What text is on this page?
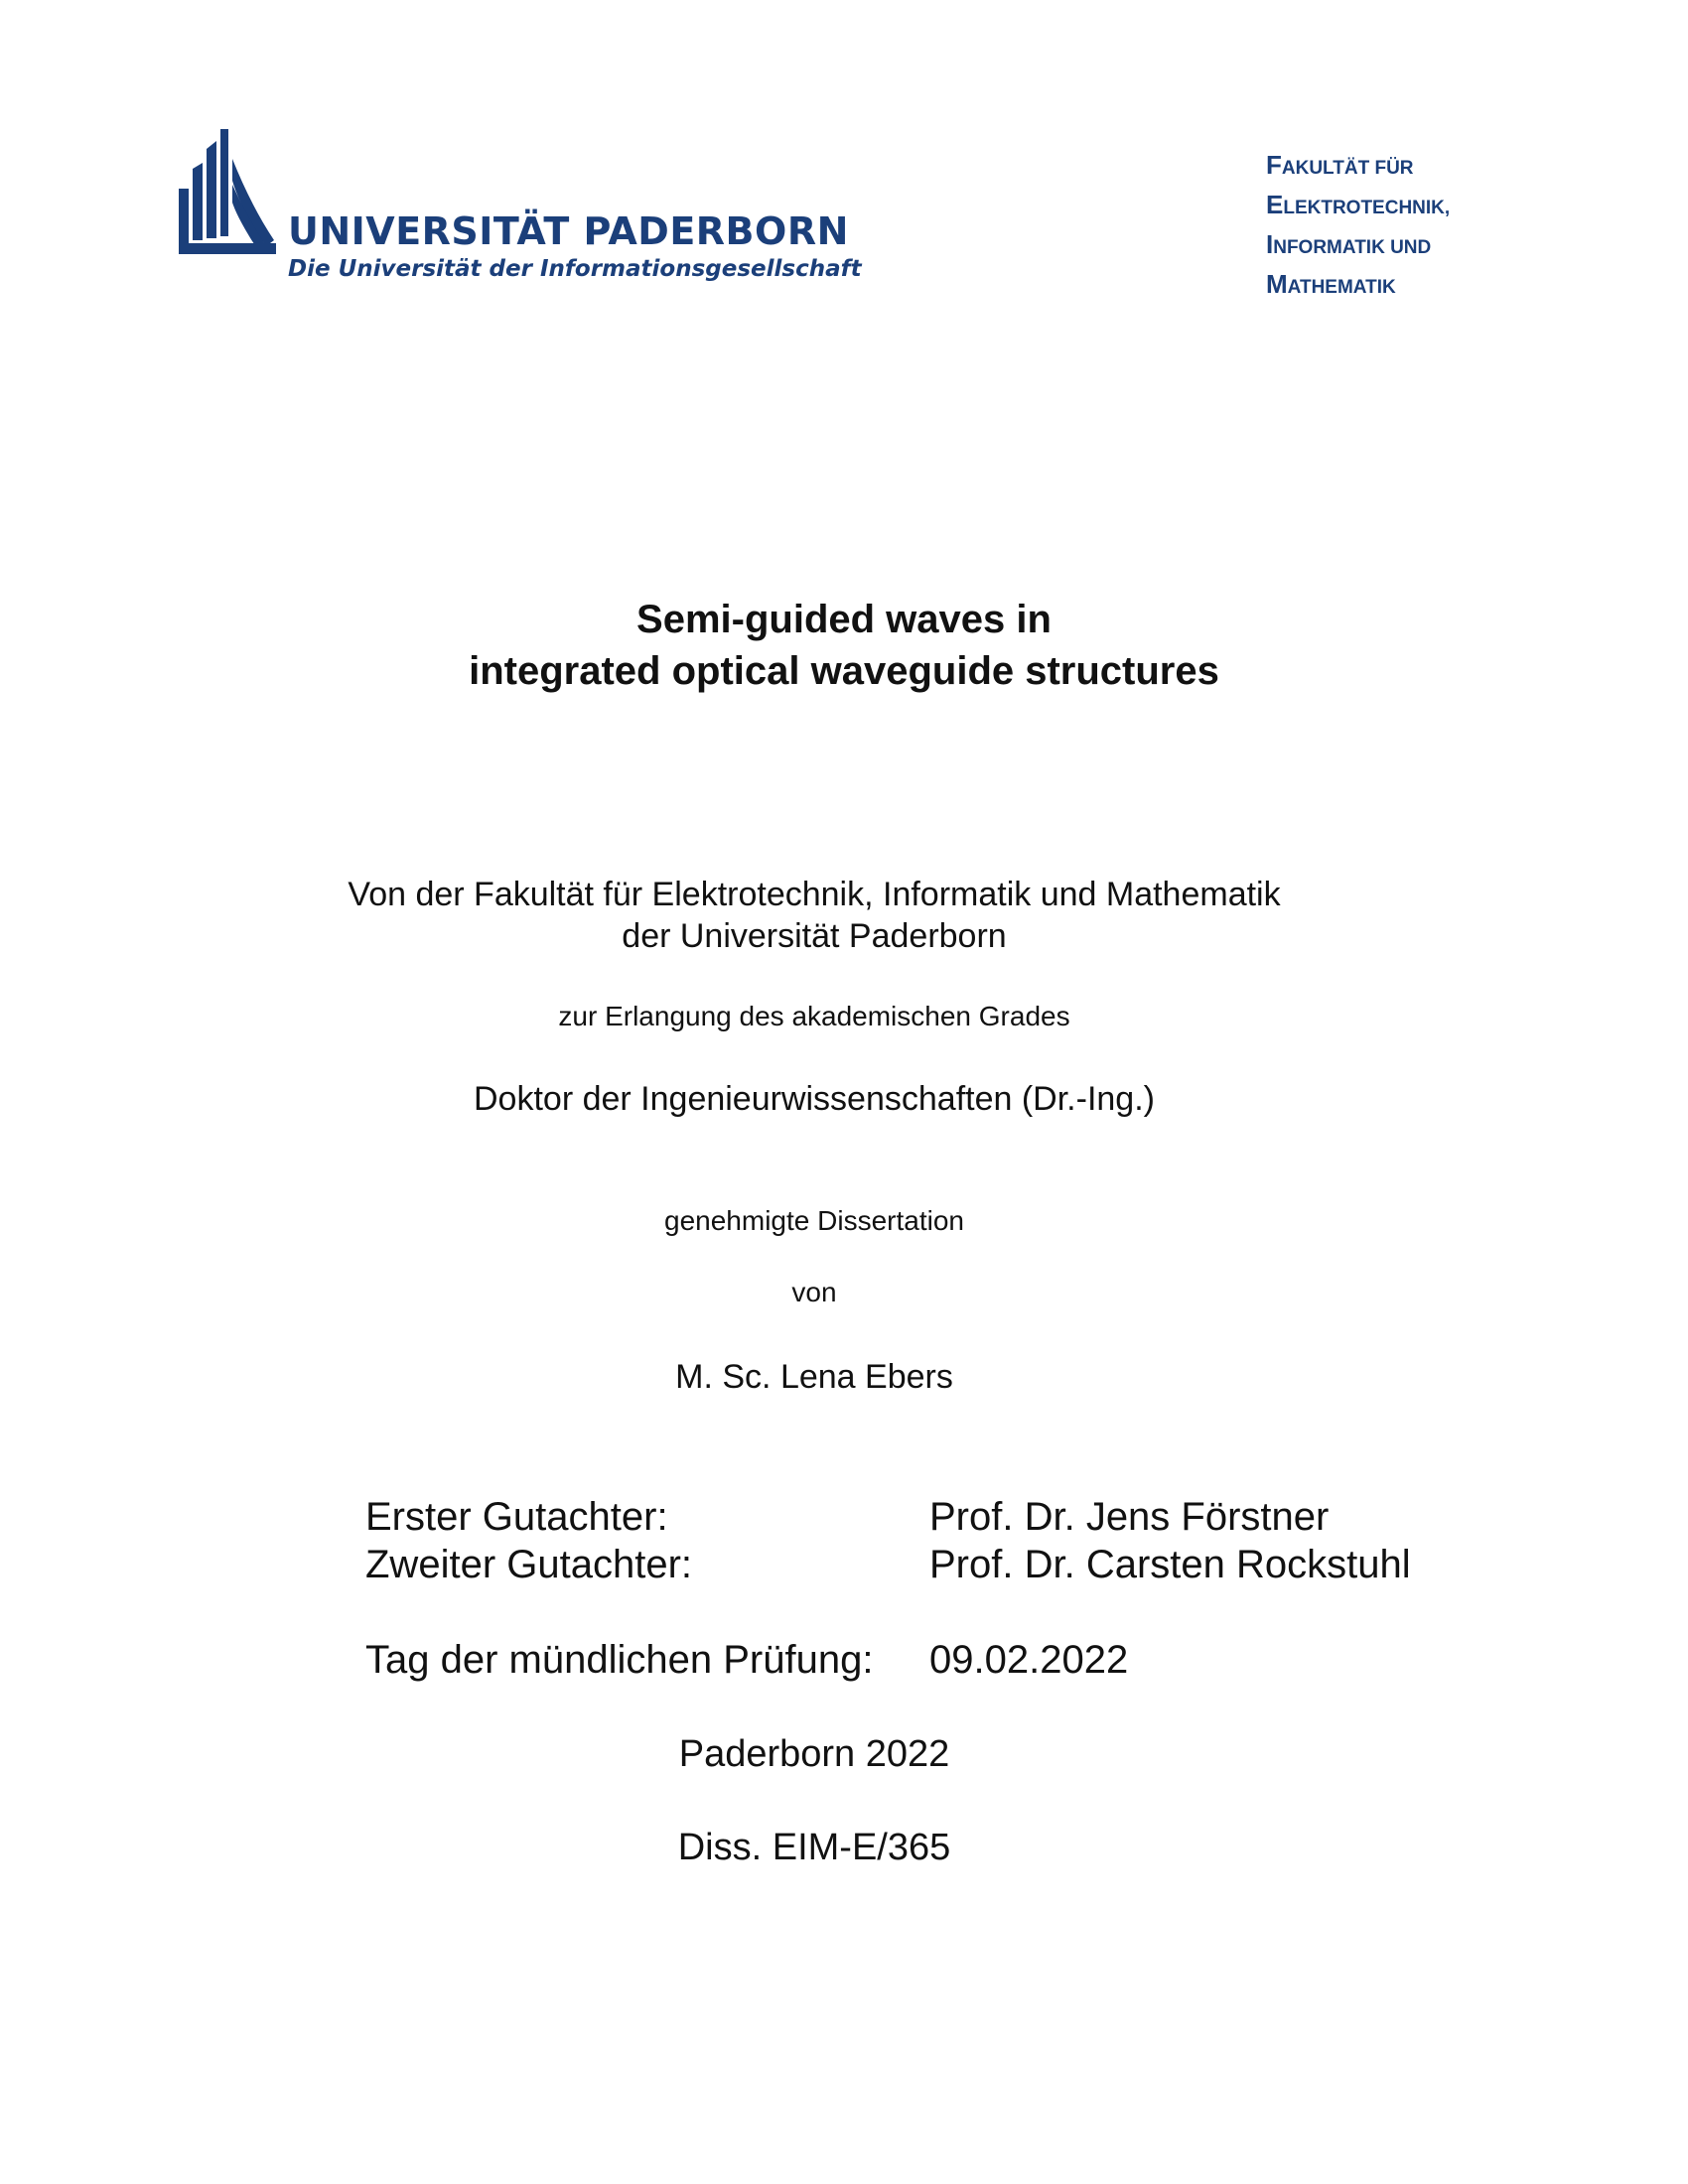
UNIVERSITÄT PADERBORN
Die Universität der Informationsgesellschaft
FAKULTÄT FÜR
ELEKTROTECHNIK,
INFORMATIK UND
MATHEMATIK
Semi-guided waves in
integrated optical waveguide structures
Von der Fakultät für Elektrotechnik, Informatik und Mathematik
der Universität Paderborn
zur Erlangung des akademischen Grades
Doktor der Ingenieurwissenschaften (Dr.-Ing.)
genehmigte Dissertation
von
M. Sc. Lena Ebers
Erster Gutachter:	Prof. Dr. Jens Förstner
Zweiter Gutachter:	Prof. Dr. Carsten Rockstuhl
Tag der mündlichen Prüfung: 09.02.2022
Paderborn 2022
Diss. EIM-E/365
